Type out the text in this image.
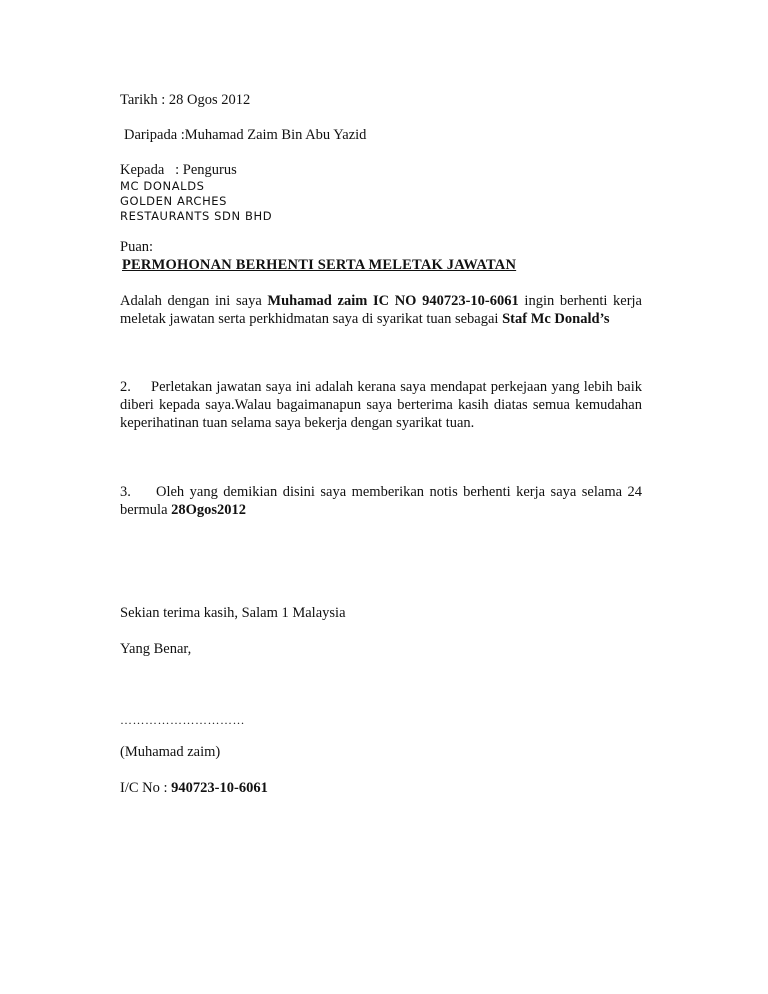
Tarikh : 28 Ogos 2012
Daripada :Muhamad Zaim Bin Abu Yazid
Kepada   : Pengurus
MC DONALDS
GOLDEN ARCHES
RESTAURANTS SDN BHD
Puan:
PERMOHONAN BERHENTI SERTA MELETAK JAWATAN
Adalah dengan ini saya Muhamad zaim IC NO 940723-10-6061 ingin berhenti kerja
meletak jawatan serta perkhidmatan saya di syarikat tuan sebagai Staf Mc Donald’s
2. Perletakan jawatan saya ini adalah kerana saya mendapat perkejaan yang lebih baik
diberi kepada saya.Walau bagaimanapun saya berterima kasih diatas semua kemudahan
keperihatinan tuan selama saya bekerja dengan syarikat tuan.
3. Oleh yang demikian disini saya memberikan notis berhenti kerja saya selama 24
bermula 28Ogos2012
Sekian terima kasih, Salam 1 Malaysia
Yang Benar,
…………………………
(Muhamad zaim)
I/C No : 940723-10-6061
